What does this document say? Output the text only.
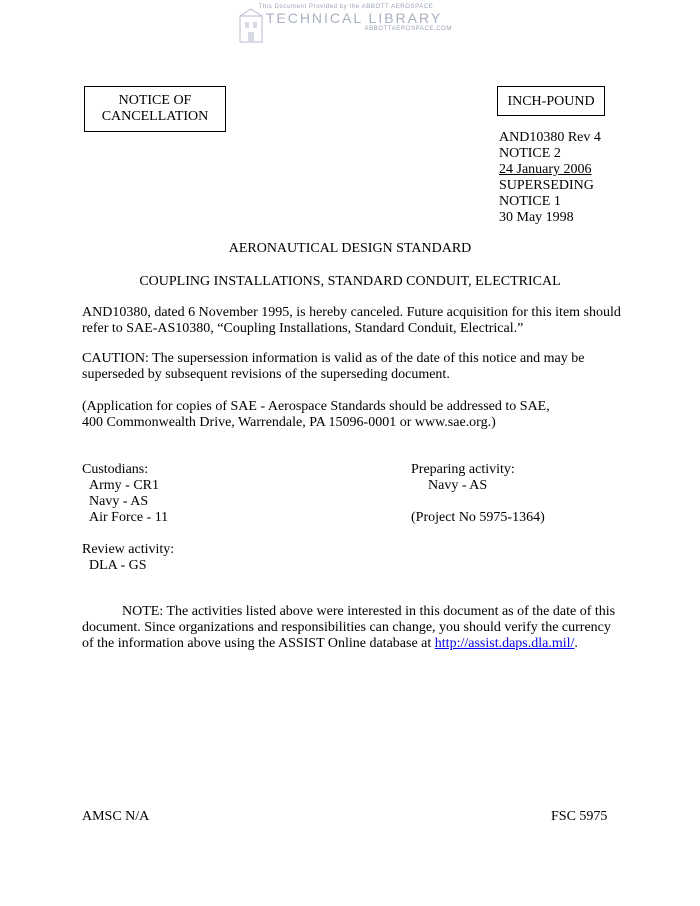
This Document Provided by the ABBOTT AEROSPACE
TECHNICAL LIBRARY
ABBOTTAEROSPACE.COM
NOTICE OF
CANCELLATION
INCH-POUND
AND10380 Rev 4
NOTICE 2
24 January 2006
SUPERSEDING
NOTICE 1
30 May 1998
AERONAUTICAL DESIGN STANDARD
COUPLING INSTALLATIONS, STANDARD CONDUIT, ELECTRICAL
AND10380, dated 6 November 1995, is hereby canceled. Future acquisition for this item should
refer to SAE-AS10380, “Coupling Installations, Standard Conduit, Electrical.”
CAUTION: The supersession information is valid as of the date of this notice and may be
superseded by subsequent revisions of the superseding document.
(Application for copies of SAE - Aerospace Standards should be addressed to SAE,
400 Commonwealth Drive, Warrendale, PA 15096-0001 or www.sae.org.)
Custodians:
Army - CR1
Navy - AS
Air Force - 11
Preparing activity:
Navy - AS
(Project No 5975-1364)
Review activity:
DLA - GS
NOTE: The activities listed above were interested in this document as of the date of this
document. Since organizations and responsibilities can change, you should verify the currency
of the information above using the ASSIST Online database at http://assist.daps.dla.mil/.
AMSC N/A	FSC 5975
